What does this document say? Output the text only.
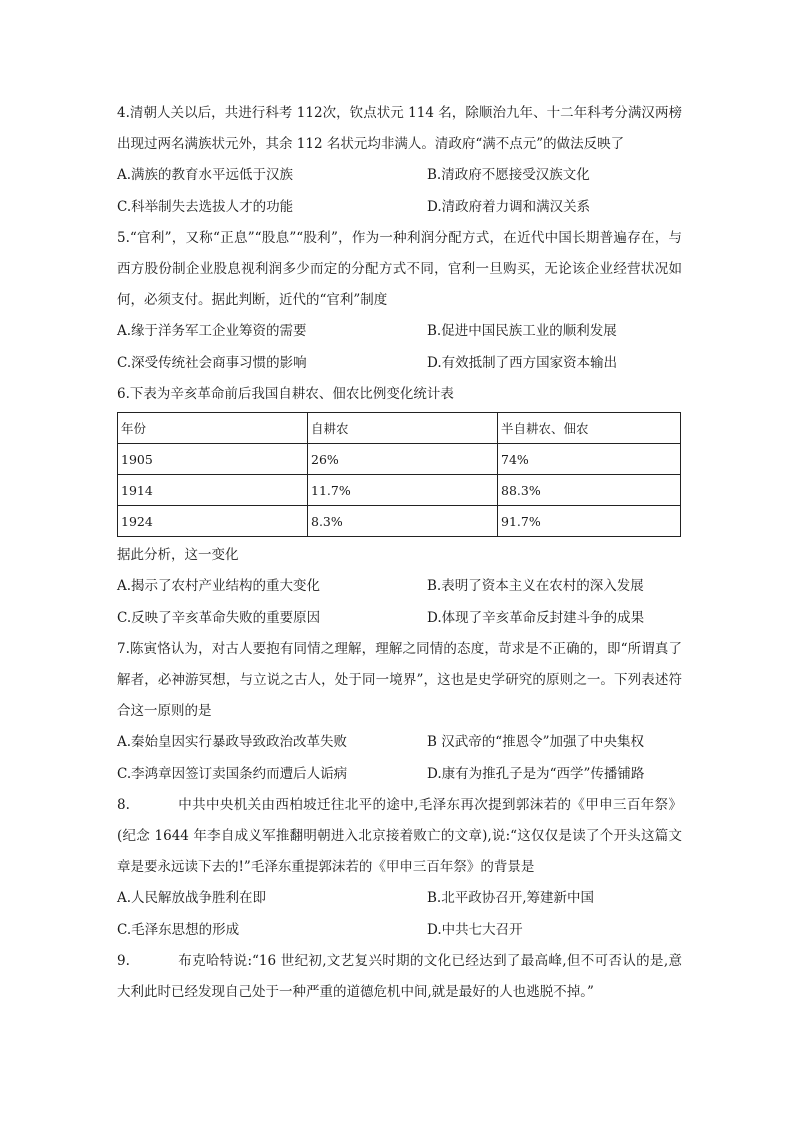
4.清朝人关以后，共进行科考 112次，钦点状元 114 名，除顺治九年、十二年科考分满汉两榜出现过两名满族状元外，其余 112 名状元均非满人。清政府“满不点元”的做法反映了

A.满族的教育水平远低于汉族	B.清政府不愿接受汉族文化
C.科举制失去选拔人才的功能	D.清政府着力调和满汉关系

5.“官利”，又称“正息”“股息”“股利”，作为一种利润分配方式，在近代中国长期普遍存在，与西方股份制企业股息视利润多少而定的分配方式不同，官利一旦购买，无论该企业经营状况如何，必须支付。据此判断，近代的“官利”制度

A.缘于洋务军工企业筹资的需要	B.促进中国民族工业的顺利发展
C.深受传统社会商事习惯的影响	D.有效抵制了西方国家资本输出

6.下表为辛亥革命前后我国自耕农、佃农比例变化统计表

年份	自耕农	半自耕农、佃农
1905	26%	74%
1914	11.7%	88.3%
1924	8.3%	91.7%

据此分析，这一变化

A.揭示了农村产业结构的重大变化	B.表明了资本主义在农村的深入发展
C.反映了辛亥革命失败的重要原因	D.体现了辛亥革命反封建斗争的成果

7.陈寅恪认为，对古人要抱有同情之理解，理解之同情的态度，苛求是不正确的，即“所谓真了解者，必神游冥想，与立说之古人，处于同一境界”，这也是史学研究的原则之一。下列表述符合这一原则的是

A.秦始皇因实行暴政导致政治改革失败	B 汉武帝的“推恩令”加强了中央集权
C.李鸿章因签订卖国条约而遭后人诟病	D.康有为推孔子是为“西学”传播铺路

8.	中共中央机关由西柏坡迁往北平的途中,毛泽东再次提到郭沫若的《甲申三百年祭》(纪念 1644 年李自成义军推翻明朝进入北京接着败亡的文章),说:“这仅仅是读了个开头这篇文章是要永远读下去的!”毛泽东重提郭沫若的《甲申三百年祭》的背景是

A.人民解放战争胜利在即	B.北平政协召开,筹建新中国
C.毛泽东思想的形成	D.中共七大召开

9.	布克哈特说:“16 世纪初,文艺复兴时期的文化已经达到了最高峰,但不可否认的是,意大利此时已经发现自己处于一种严重的道德危机中间,就是最好的人也逃脱不掉。”
